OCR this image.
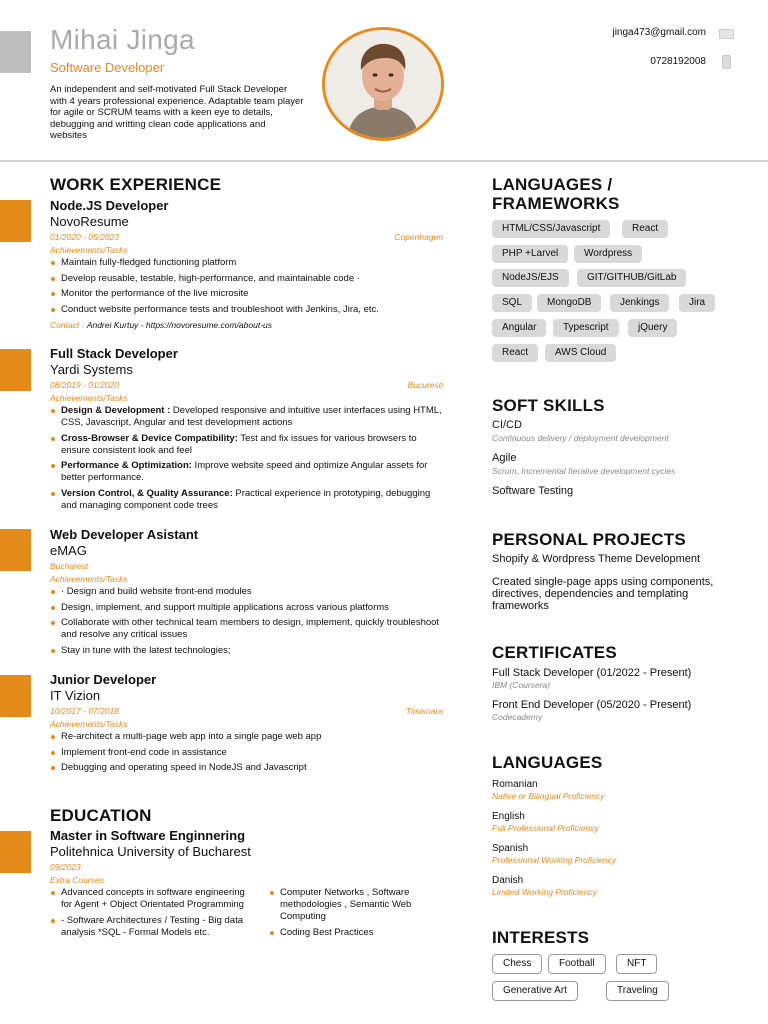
Mihai Jinga
Software Developer
An independent and self-motivated Full Stack Developer with 4 years professional experience. Adaptable team player for agile or SCRUM teams with a keen eye to details, debugging and writting clean code applications and websites
jinga473@gmail.com
0728192008
WORK EXPERIENCE
Node.JS Developer
NovoResume
01/2020 - 05/2023	Copenhagen
Achievements/Tasks
Maintain fully-fledged functioning platform
Develop reusable, testable, high-performance, and maintainable code ·
Monitor the performance of the live microsite
Conduct website performance tests and troubleshoot with Jenkins, Jira, etc.
Contact : Andrei Kurtuy - https://novoresume.com/about-us
Full Stack Developer
Yardi Systems
08/2019 - 01/2020	Bucuresti
Achievements/Tasks
Design & Development : Developed responsive and intuitive user interfaces using HTML, CSS, Javascript, Angular and test development actions
Cross-Browser & Device Compatibility: Test and fix issues for various browsers to ensure consistent look and feel
Performance & Optimization: Improve website speed and optimize Angular assets for better performance.
Version Control, & Quality Assurance: Practical experience in prototyping, debugging and managing component code trees
Web Developer Asistant
eMAG
Bucharest
Achievements/Tasks
· Design and build website front-end modules
Design, implement, and support multiple applications across various platforms
Collaborate with other technical team members to design, implement, quickly troubleshoot and resolve any critical issues
Stay in tune with the latest technologies;
Junior Developer
IT Vizion
10/2017 - 07/2018	Timisoara
Achievements/Tasks
Re-architect a multi-page web app into a single page web app
Implement front-end code in assistance
Debugging and operating speed in NodeJS and Javascript
EDUCATION
Master in Software Enginnering
Politehnica University of Bucharest
09/2023
Extra Courses
Advanced concepts in software engineering for Agent + Object Orientated Programming
- Software Architectures / Testing - Big data analysis *SQL - Formal Models etc.
Computer Networks , Software methodologies , Semantic Web Computing
Coding Best Practices
LANGUAGES /
FRAMEWORKS
HTML/CSS/Javascript	React
PHP +Larvel	Wordpress
NodeJS/EJS	GIT/GITHUB/GitLab
SQL	MongoDB	Jenkings	Jira
Angular	Typescript	jQuery
React	AWS Cloud
SOFT SKILLS
CI/CD
Continuous delivery / deployment development
Agile
Scrum, Incremental Iterative development cycles
Software Testing
PERSONAL PROJECTS
Shopify & Wordpress Theme Development
Created single-page apps using components, directives, dependencies and templating frameworks
CERTIFICATES
Full Stack Developer (01/2022 - Present)
IBM (Coursera)
Front End Developer (05/2020 - Present)
Codecademy
LANGUAGES
Romanian
Native or Bilingual Proficiency
English
Full Professional Proficiency
Spanish
Professional Working Proficiency
Danish
Limited Working Proficiency
INTERESTS
Chess	Football	NFT
Generative Art	Traveling
